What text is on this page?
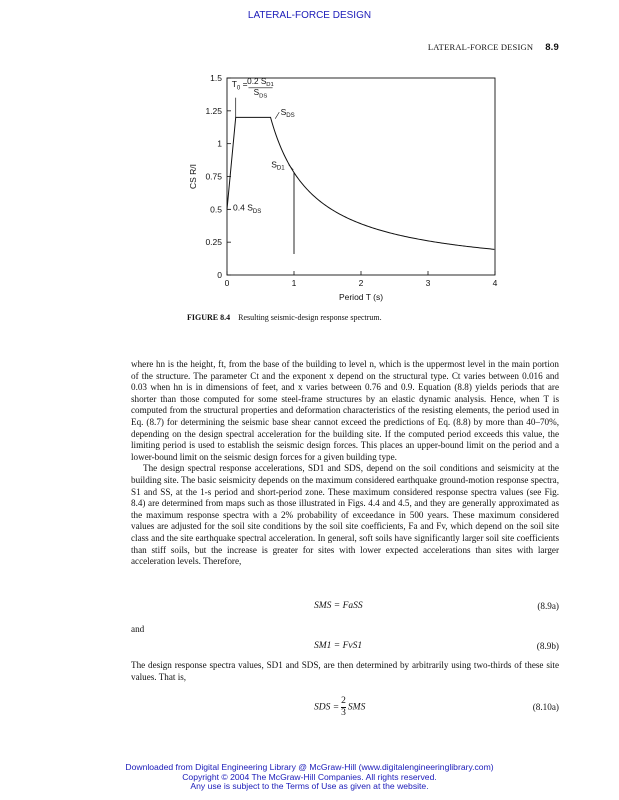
LATERAL-FORCE DESIGN
LATERAL-FORCE DESIGN 8.9
0	1	2	3	4
0
0.25
0.5
0.75
1
1.25
1.5
Period T (s)
CS R/I
$T_0 = 0.2$ $S_{D1}$
$S_{DS}$
$S_{DS}$
$S_{D1}$
0.4 $S_{DS}$
FIGURE 8.4 Resulting seismic-design response spectrum.

where hn is the height, ft, from the base of the building to level n, which is the uppermost level in the main portion of the structure. The parameter Ct and the exponent x depend on the structural type. Ct varies between 0.016 and 0.03 when hn is in dimensions of feet, and x varies between 0.76 and 0.9. Equation (8.8) yields periods that are shorter than those computed for some steel-frame structures by an elastic dynamic analysis. Hence, when T is computed from the structural properties and deformation characteristics of the resisting elements, the period used in Eq. (8.7) for determining the seismic base shear cannot exceed the predictions of Eq. (8.8) by more than 40–70%, depending on the design spectral acceleration for the building site. If the computed period exceeds this value, the limiting period is used to establish the seismic design forces. This places an upper-bound limit on the period and a lower-bound limit on the seismic design forces for a given building type.

The design spectral response accelerations, SD1 and SDS, depend on the soil conditions and seismicity at the building site. The basic seismicity depends on the maximum considered earthquake ground-motion response spectra, S1 and SS, at the 1-s period and short-period zone. These maximum considered response spectra values (see Fig. 8.4) are determined from maps such as those illustrated in Figs. 4.4 and 4.5, and they are generally approximated as the maximum response spectra with a 2% probability of exceedance in 500 years. These maximum considered values are adjusted for the soil site conditions by the soil site coefficients, Fa and Fv, which depend on the soil site class and the site earthquake spectral acceleration. In general, soft soils have significantly larger soil site coefficients than stiff soils, but the increase is greater for sites with lower expected accelerations than sites with larger acceleration levels. Therefore,

SMS = FaSS	(8.9a)
and
SM1 = FvS1	(8.9b)
The design response spectra values, SD1 and SDS, are then determined by arbitrarily using two-thirds of these site values. That is,
SDS = $\frac{2}{3}$ SMS	(8.10a)
Downloaded from Digital Engineering Library @ McGraw-Hill (www.digitalengineeringlibrary.com)
Copyright © 2004 The McGraw-Hill Companies. All rights reserved.
Any use is subject to the Terms of Use as given at the website.
